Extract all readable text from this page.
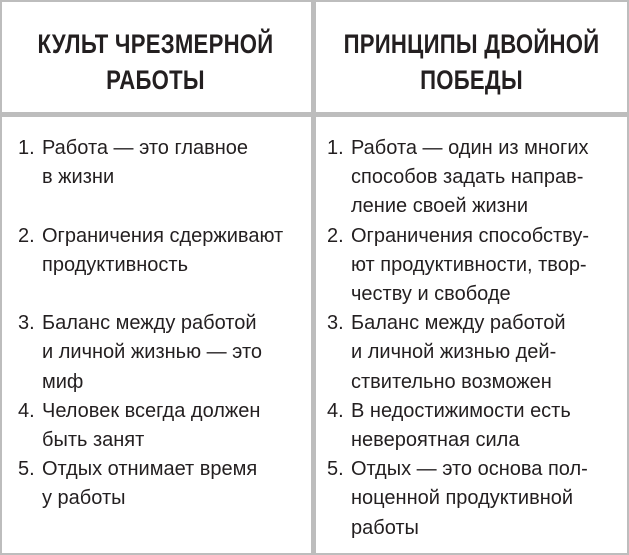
КУЛЬТ ЧРЕЗМЕРНОЙ
РАБОТЫ
ПРИНЦИПЫ ДВОЙНОЙ
ПОБЕДЫ
1. Работа — это главное
в жизни
2. Ограничения сдерживают
продуктивность
3. Баланс между работой
и личной жизнью — это
миф
4. Человек всегда должен
быть занят
5. Отдых отнимает время
у работы
1. Работа — один из многих
способов задать направ-
ление своей жизни
2. Ограничения способству-
ют продуктивности, твор-
честву и свободе
3. Баланс между работой
и личной жизнью дей-
ствительно возможен
4. В недостижимости есть
невероятная сила
5. Отдых — это основа пол-
ноценной продуктивной
работы
